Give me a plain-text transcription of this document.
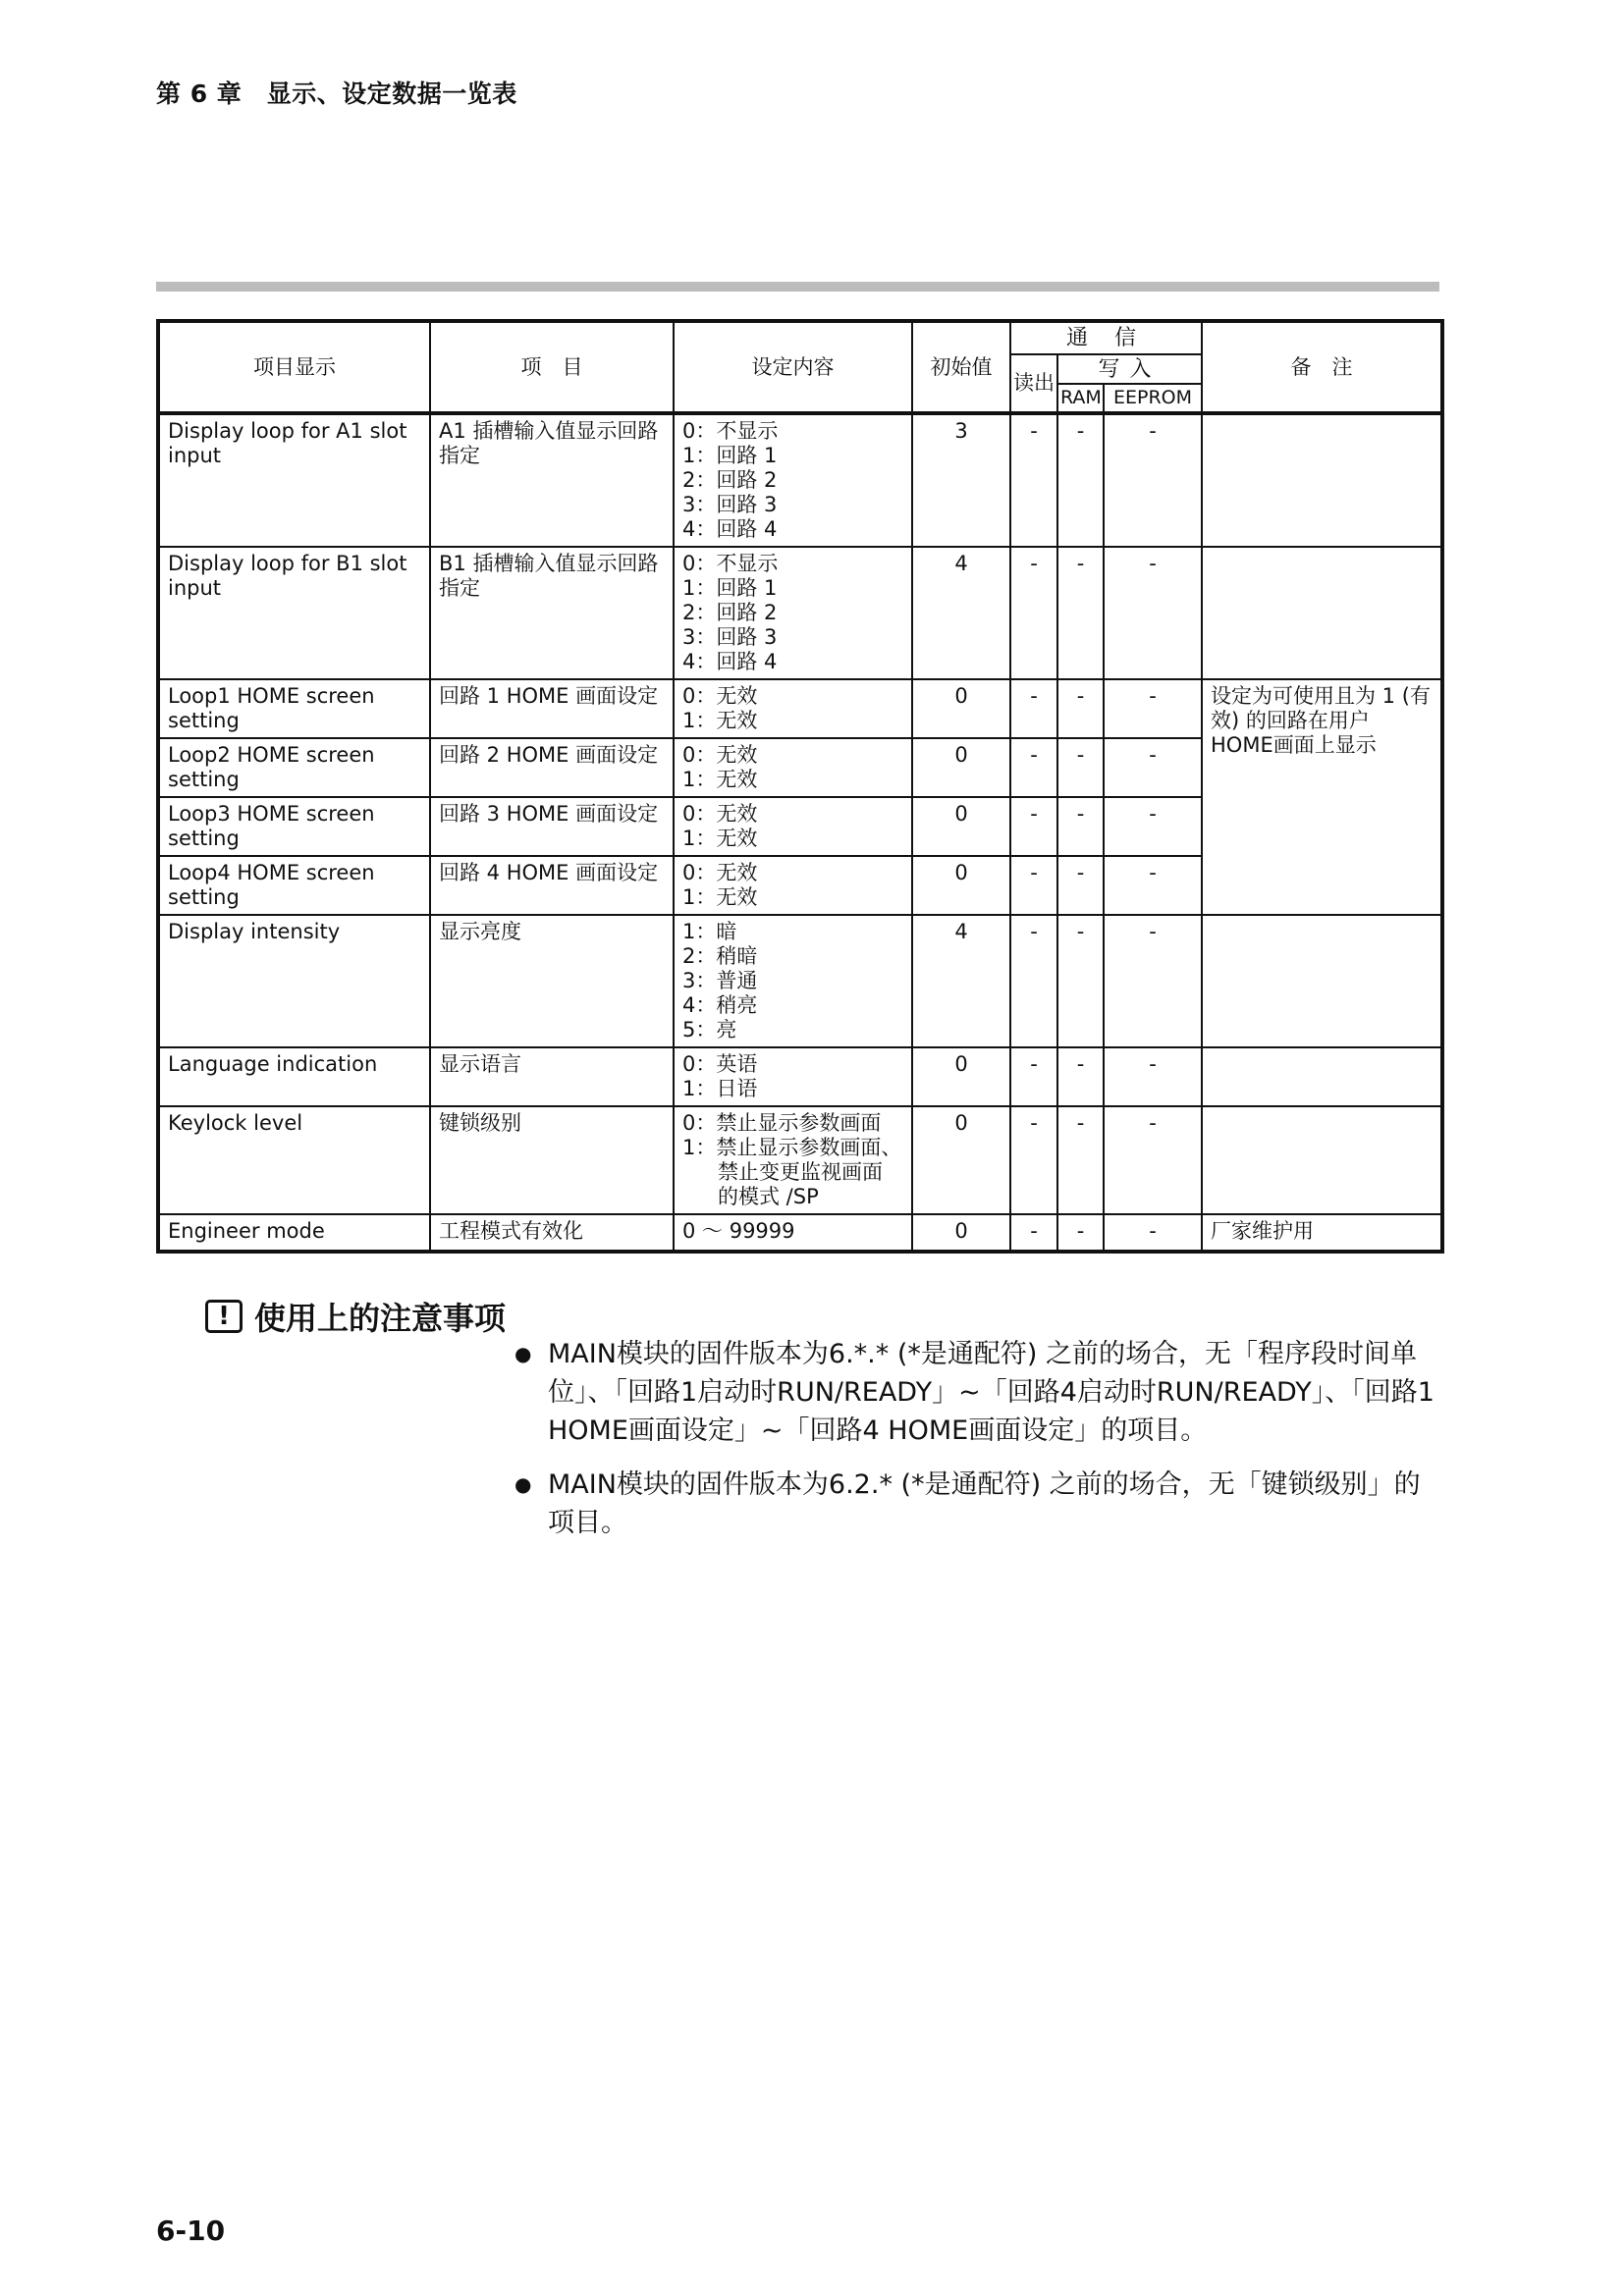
第 6 章　显示、设定数据一览表
项目显示	项　目	设定内容	初始值	通 信			备　注
				读出	写入		
					RAM	EEPROM	
Display loop for A1 slot input	A1 插槽输入值显示回路指定	0：不显示
1：回路 1
2：回路 2
3：回路 3
4：回路 4	3	-	-	-	
Display loop for B1 slot input	B1 插槽输入值显示回路指定	0：不显示
1：回路 1
2：回路 2
3：回路 3
4：回路 4	4	-	-	-	
Loop1 HOME screen setting	回路 1 HOME 画面设定	0：无效
1：无效	0	-	-	-	设定为可使用且为 1 (有效) 的回路在用户 HOME画面上显示
Loop2 HOME screen setting	回路 2 HOME 画面设定	0：无效
1：无效	0	-	-	-	
Loop3 HOME screen setting	回路 3 HOME 画面设定	0：无效
1：无效	0	-	-	-	
Loop4 HOME screen setting	回路 4 HOME 画面设定	0：无效
1：无效	0	-	-	-	
Display intensity	显示亮度	1：暗
2：稍暗
3：普通
4：稍亮
5：亮	4	-	-	-	
Language indication	显示语言	0：英语
1：日语	0	-	-	-	
Keylock level	键锁级别	0：禁止显示参数画面
1：禁止显示参数画面、
禁止变更监视画面
的模式 /SP	0	-	-	-	
Engineer mode	工程模式有效化	0 ～ 99999	0	-	-	-	厂家维护用
! 使用上的注意事项
● MAIN模块的固件版本为6.*.* (*是通配符) 之前的场合，无「程序段时间单位」、「回路1启动时RUN/READY」~「回路4启动时RUN/READY」、「回路1 HOME画面设定」~「回路4 HOME画面设定」的项目。
● MAIN模块的固件版本为6.2.* (*是通配符) 之前的场合，无「键锁级别」的项目。
6-10
